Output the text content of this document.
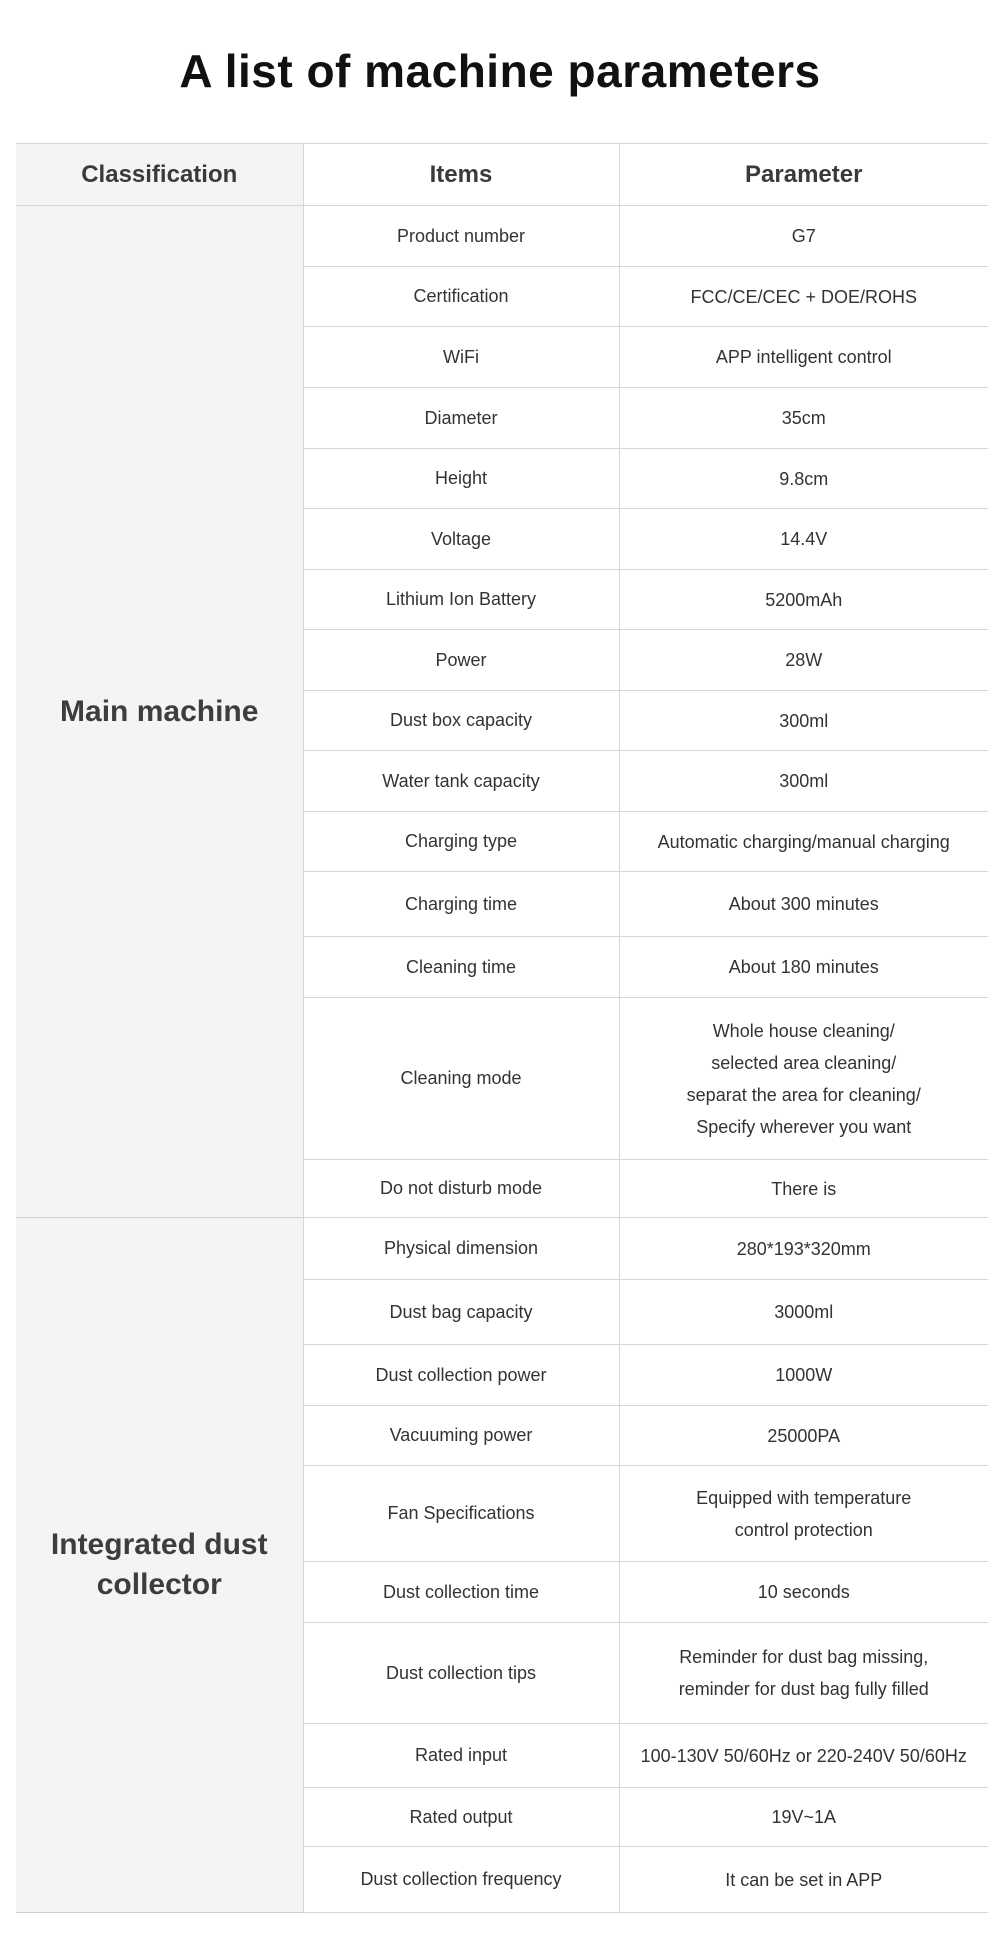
A list of machine parameters
Classification	Items	Parameter

Main machine	Product number	G7

	Certification	FCC/CE/CEC + DOE/ROHS

	WiFi	APP intelligent control

	Diameter	35cm

	Height	9.8cm

	Voltage	14.4V

	Lithium Ion Battery	5200mAh

	Power	28W

	Dust box capacity	300ml

	Water tank capacity	300ml

	Charging type	Automatic charging/manual charging

	Charging time	About 300 minutes

	Cleaning time	About 180 minutes

	Cleaning mode	Whole house cleaning/
selected area cleaning/
separat the area for cleaning/
Specify wherever you want

	Do not disturb mode	There is

Integrated dust
collector	Physical dimension	280*193*320mm

	Dust bag capacity	3000ml

	Dust collection power	1000W

	Vacuuming power	25000PA

	Fan Specifications	Equipped with temperature
control protection

	Dust collection time	10 seconds

	Dust collection tips	Reminder for dust bag missing,
reminder for dust bag fully filled

	Rated input	100-130V 50/60Hz or 220-240V 50/60Hz

	Rated output	19V~1A

	Dust collection frequency	It can be set in APP
